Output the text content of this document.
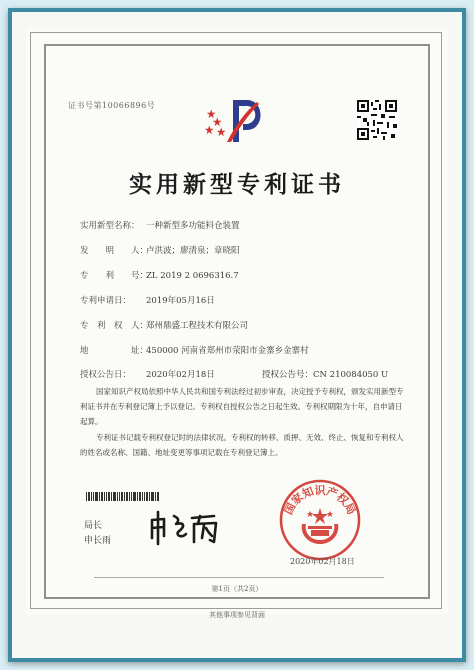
证书号第10066896号
实用新型专利证书
实用新型名称： 一种新型多功能料仓装置
发　　明　　人：卢洪波；廖清泉；章晓阳
专　　利　　号：ZL 2019 2 0696316.7
专利申请日： 2019年05月16日
专　利　权　人：郑州鼎盛工程技术有限公司
地　　　　　址：450000 河南省郑州市荥阳市金寨乡金寨村
授权公告日： 2020年02月18日	授权公告号：CN 210084050 U
国家知识产权局依照中华人民共和国专利法经过初步审查，决定授予专利权，颁发实用新型专利证书并在专利登记簿上予以登记。专利权自授权公告之日起生效。专利权期限为十年，自申请日起算。
专利证书记载专利权登记时的法律状况。专利权的转移、质押、无效、终止、恢复和专利权人的姓名或名称、国籍、地址变更等事项记载在专利登记簿上。
局长
申长雨
国家知识产权局
2020年02月18日
第1页（共2页）
其他事项参见背面
